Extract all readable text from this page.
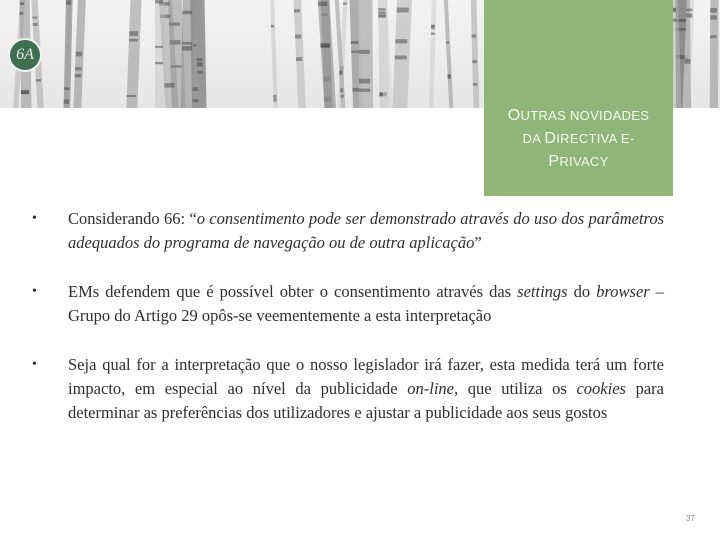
6A
OUTRAS NOVIDADES
DA DIRECTIVA E-
PRIVACY
• Considerando 66: “o consentimento pode ser demonstrado através do uso dos parâmetros adequados do programa de navegação ou de outra aplicação”
• EMs defendem que é possível obter o consentimento através das settings do browser – Grupo do Artigo 29 opôs-se veementemente a esta interpretação
• Seja qual for a interpretação que o nosso legislador irá fazer, esta medida terá um forte impacto, em especial ao nível da publicidade on-line, que utiliza os cookies para determinar as preferências dos utilizadores e ajustar a publicidade aos seus gostos
37
